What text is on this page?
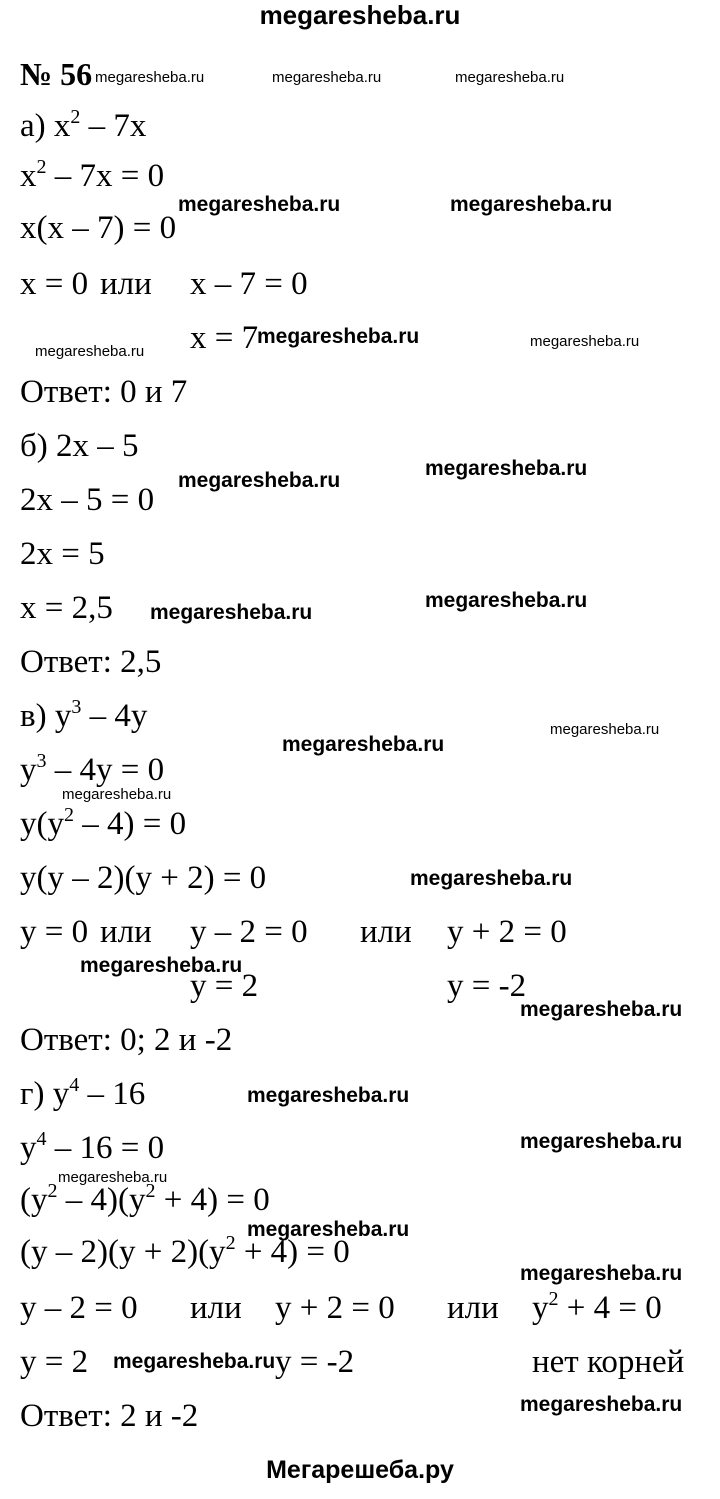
megaresheba.ru
№ 56
а) $x^2 - 7x$
$x^2 - 7x = 0$
x(x – 7) = 0
x = 0 или x – 7 = 0
x = 7
Ответ: 0 и 7
б) 2x – 5
2x – 5 = 0
2x = 5
x = 2,5
Ответ: 2,5
в) $y^3 - 4y$
$y^3 - 4y = 0$
$y(y^2 - 4) = 0$
y(y – 2)(y + 2) = 0
y = 0 или y – 2 = 0 или y + 2 = 0
y = 2	y = -2
Ответ: 0; 2 и -2
г) $y^4 - 16$
$y^4 - 16 = 0$
$(y^2 - 4)(y^2 + 4) = 0$
$(y - 2)(y + 2)(y^2 + 4) = 0$
y – 2 = 0 или y + 2 = 0 или $y^2 + 4 = 0$
y = 2	y = -2	нет корней
Ответ: 2 и -2
megaresheba.ru	megaresheba.ru	megaresheba.ru
megaresheba.ru
megaresheba.ru
megaresheba.ru
megaresheba.ru
megaresheba.ru
megaresheba.ru	megaresheba.ru
megaresheba.ru
megaresheba.ru
megaresheba.ru
megaresheba.ru
megaresheba.ru
megaresheba.ru
megaresheba.ru
megaresheba.ru
megaresheba.ru
megaresheba.ru
megaresheba.ru
megaresheba.ru
megaresheba.ru
megaresheba.ru
megaresheba.ru
Мегарешеба.ру
